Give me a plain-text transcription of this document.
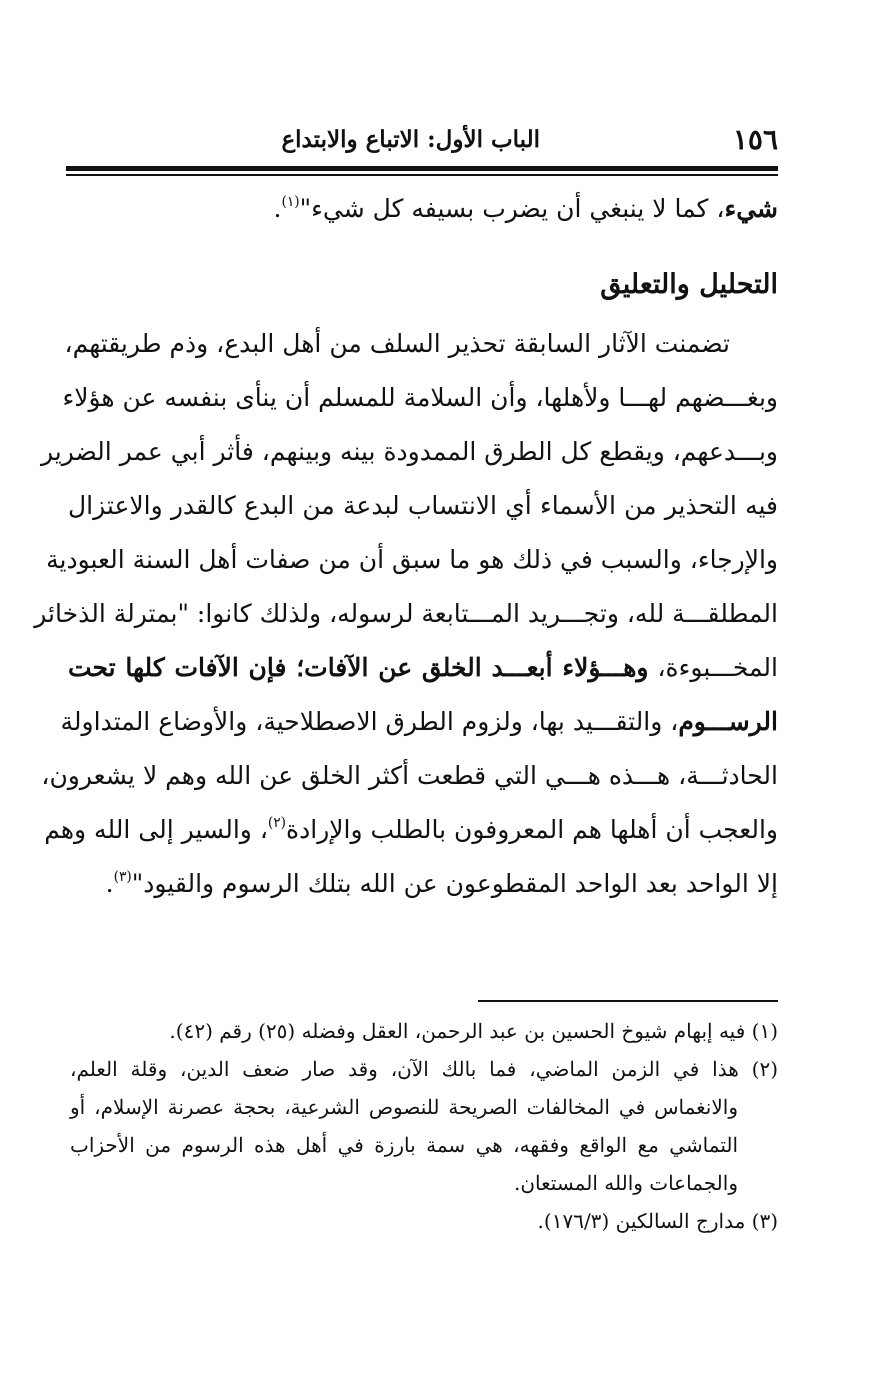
١٥٦
الباب الأول: الاتباع والابتداع
شيء، كما لا ينبغي أن يضرب بسيفه كل شيء"$^{(١)}$.
التحليل والتعليق
تضمنت الآثار السابقة تحذير السلف من أهل البدع، وذم طريقتهم،
وبغـــضهم لهـــا ولأهلها، وأن السلامة للمسلم أن ينأى بنفسه عن هؤلاء
وبـــدعهم، ويقطع كل الطرق الممدودة بينه وبينهم، فأثر أبي عمر الضرير
فيه التحذير من الأسماء أي الانتساب لبدعة من البدع كالقدر والاعتزال
والإرجاء، والسبب في ذلك هو ما سبق أن من صفات أهل السنة العبودية
المطلقـــة لله، وتجـــريد المـــتابعة لرسوله، ولذلك كانوا: "بمترلة الذخائر
المخـــبوءة، وهـــؤلاء أبعـــد الخلق عن الآفات؛ فإن الآفات كلها تحت
الرســـوم، والتقـــيد بها، ولزوم الطرق الاصطلاحية، والأوضاع المتداولة
الحادثـــة، هـــذه هـــي التي قطعت أكثر الخلق عن الله وهم لا يشعرون،
والعجب أن أهلها هم المعروفون بالطلب والإرادة$^{(٢)}$، والسير إلى الله وهم
إلا الواحد بعد الواحد المقطوعون عن الله بتلك الرسوم والقيود"$^{(٣)}$.
(١) فيه إبهام شيوخ الحسين بن عبد الرحمن، العقل وفضله (٢٥) رقم (٤٢).
(٢) هذا في الزمن الماضي، فما بالك الآن، وقد صار ضعف الدين، وقلة العلم،
والانغماس في المخالفات الصريحة للنصوص الشرعية، بحجة عصرنة الإسلام، أو
التماشي مع الواقع وفقهه، هي سمة بارزة في أهل هذه الرسوم من الأحزاب
والجماعات والله المستعان.
(٣) مدارج السالكين (١٧٦/٣).
